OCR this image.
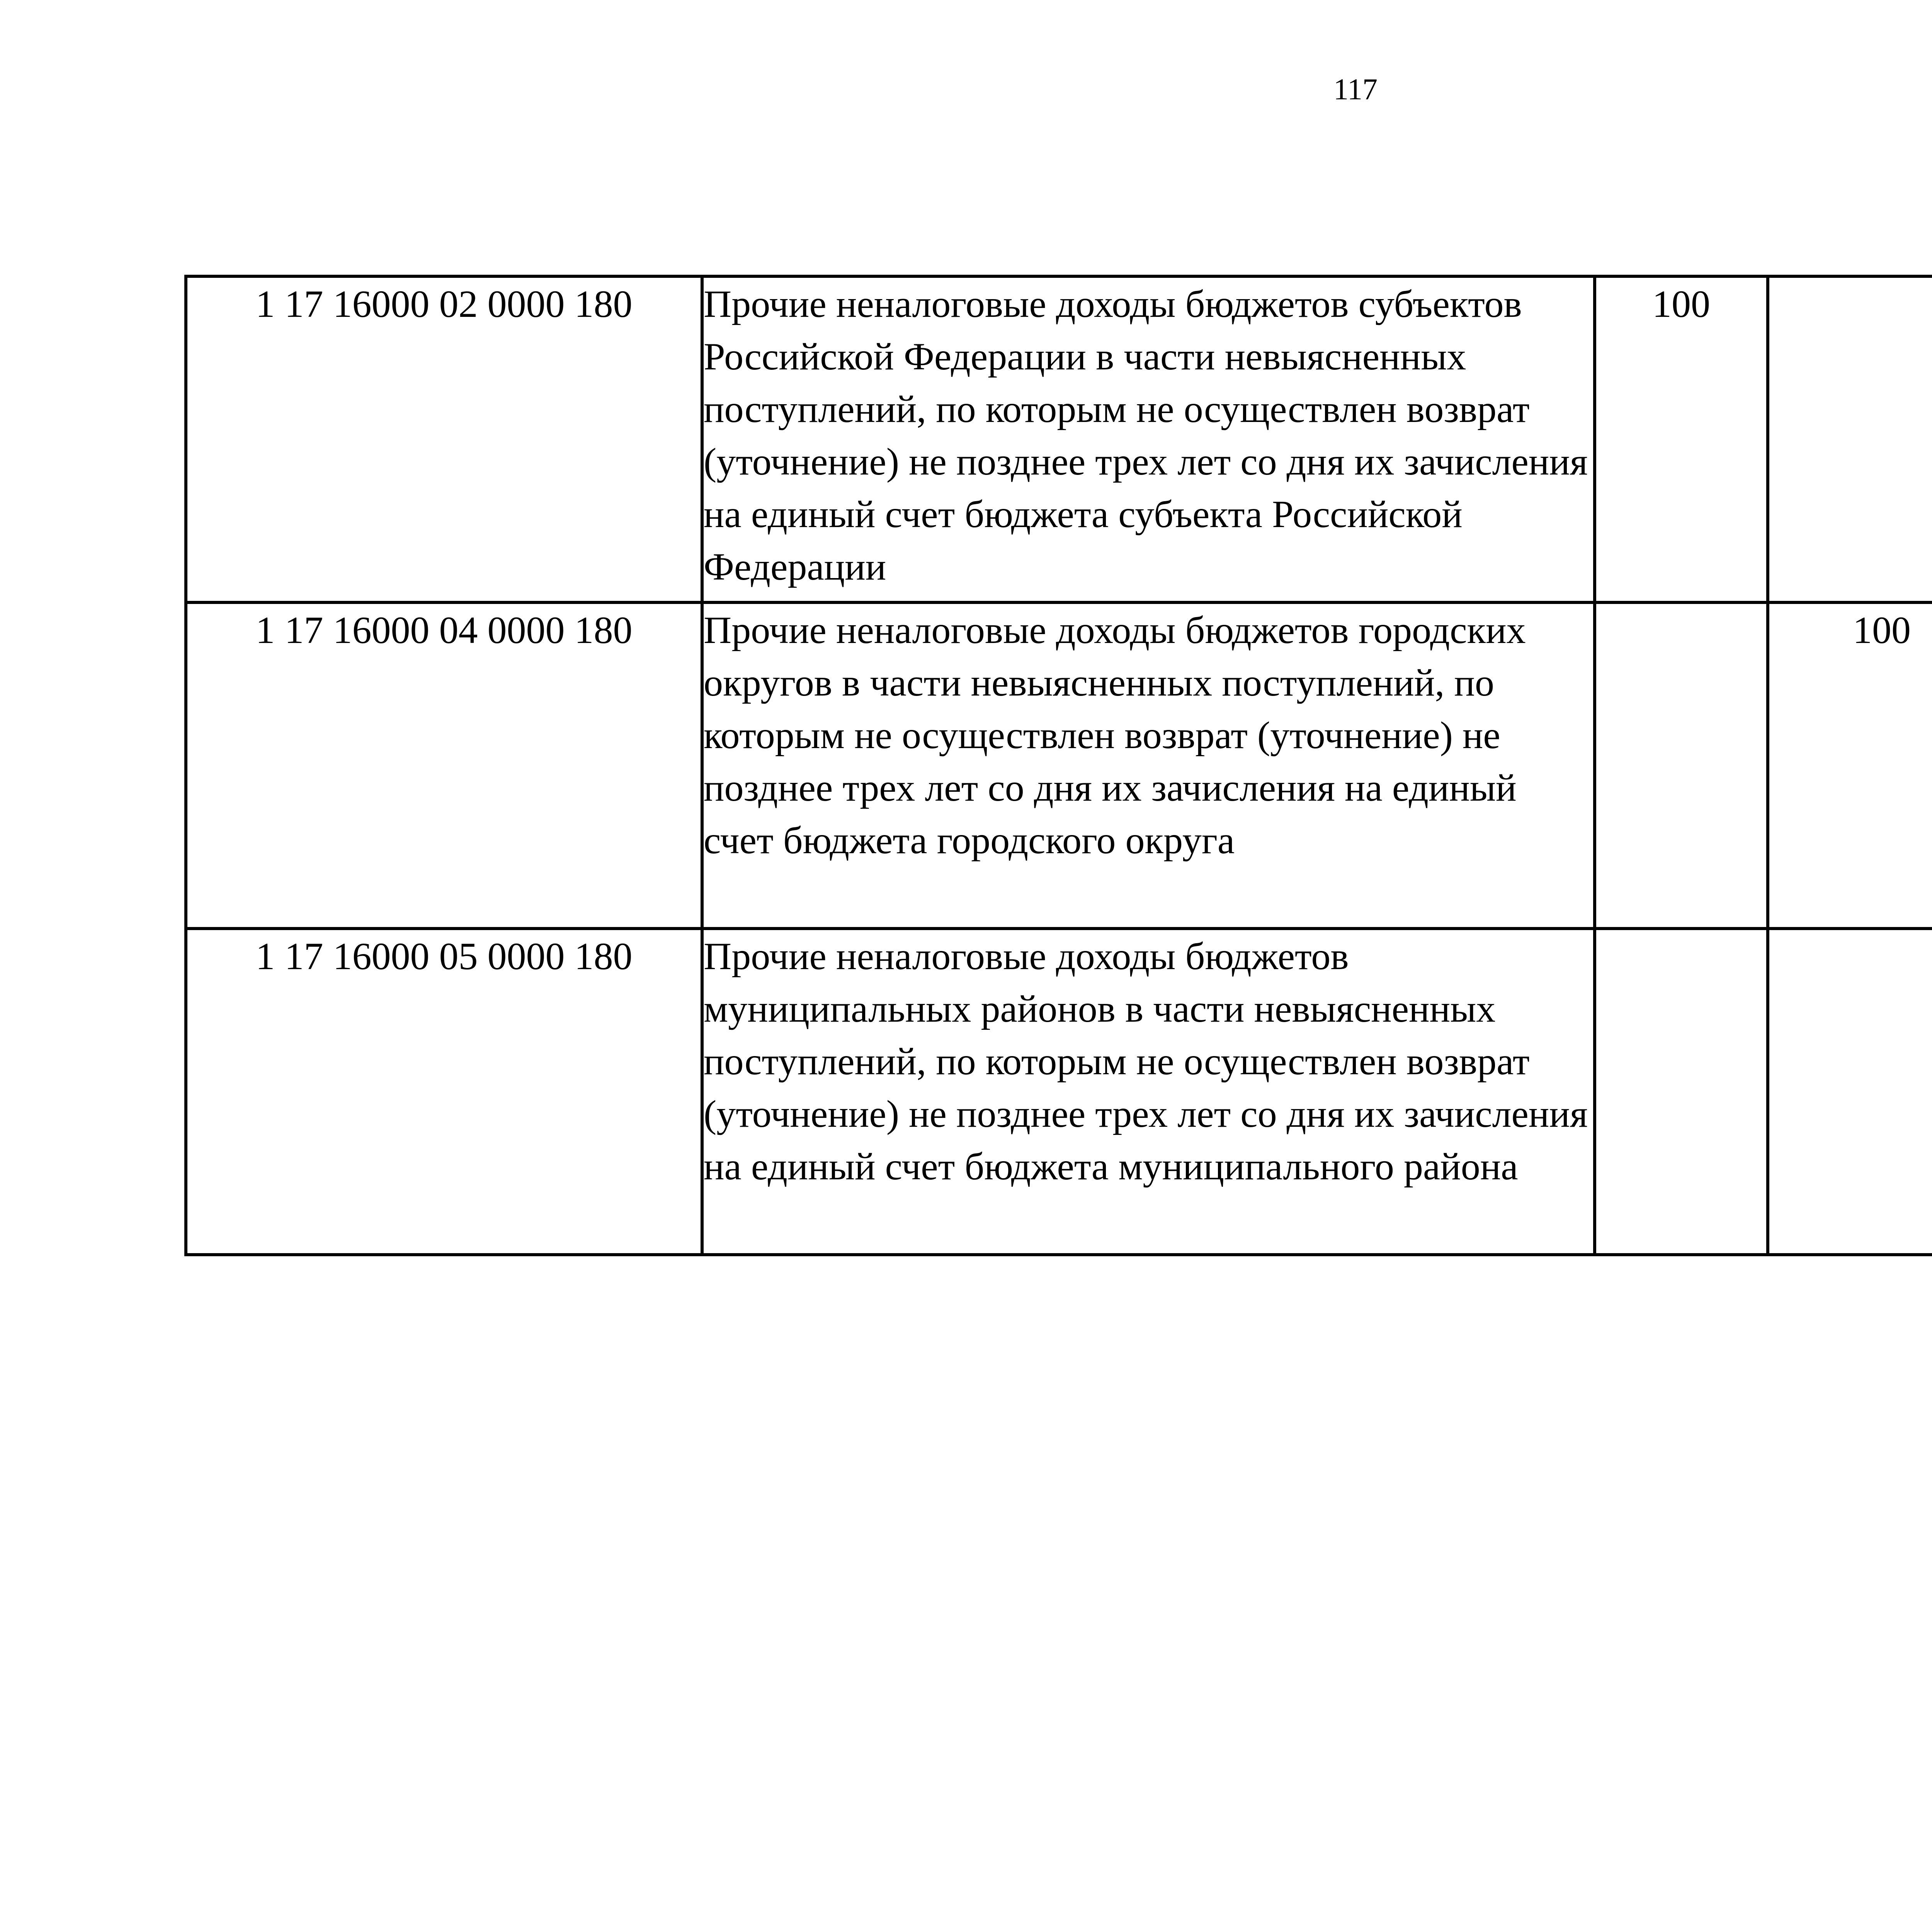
117
1 17 16000 02 0000 180	Прочие неналоговые доходы бюджетов субъектов Российской Федерации в части невыясненных поступлений, по которым не осуществлен возврат (уточнение) не позднее трех лет со дня их зачисления на единый счет бюджета субъекта Российской Федерации	100				
1 17 16000 04 0000 180	Прочие неналоговые доходы бюджетов городских округов в части невыясненных поступлений, по которым не осуществлен возврат (уточнение) не позднее трех лет со дня их зачисления на единый счет бюджета городского округа		100			
1 17 16000 05 0000 180	Прочие неналоговые доходы бюджетов муниципальных районов в части невыясненных поступлений, по которым не осуществлен возврат (уточнение) не позднее трех лет со дня их зачисления на единый счет бюджета муниципального района					
